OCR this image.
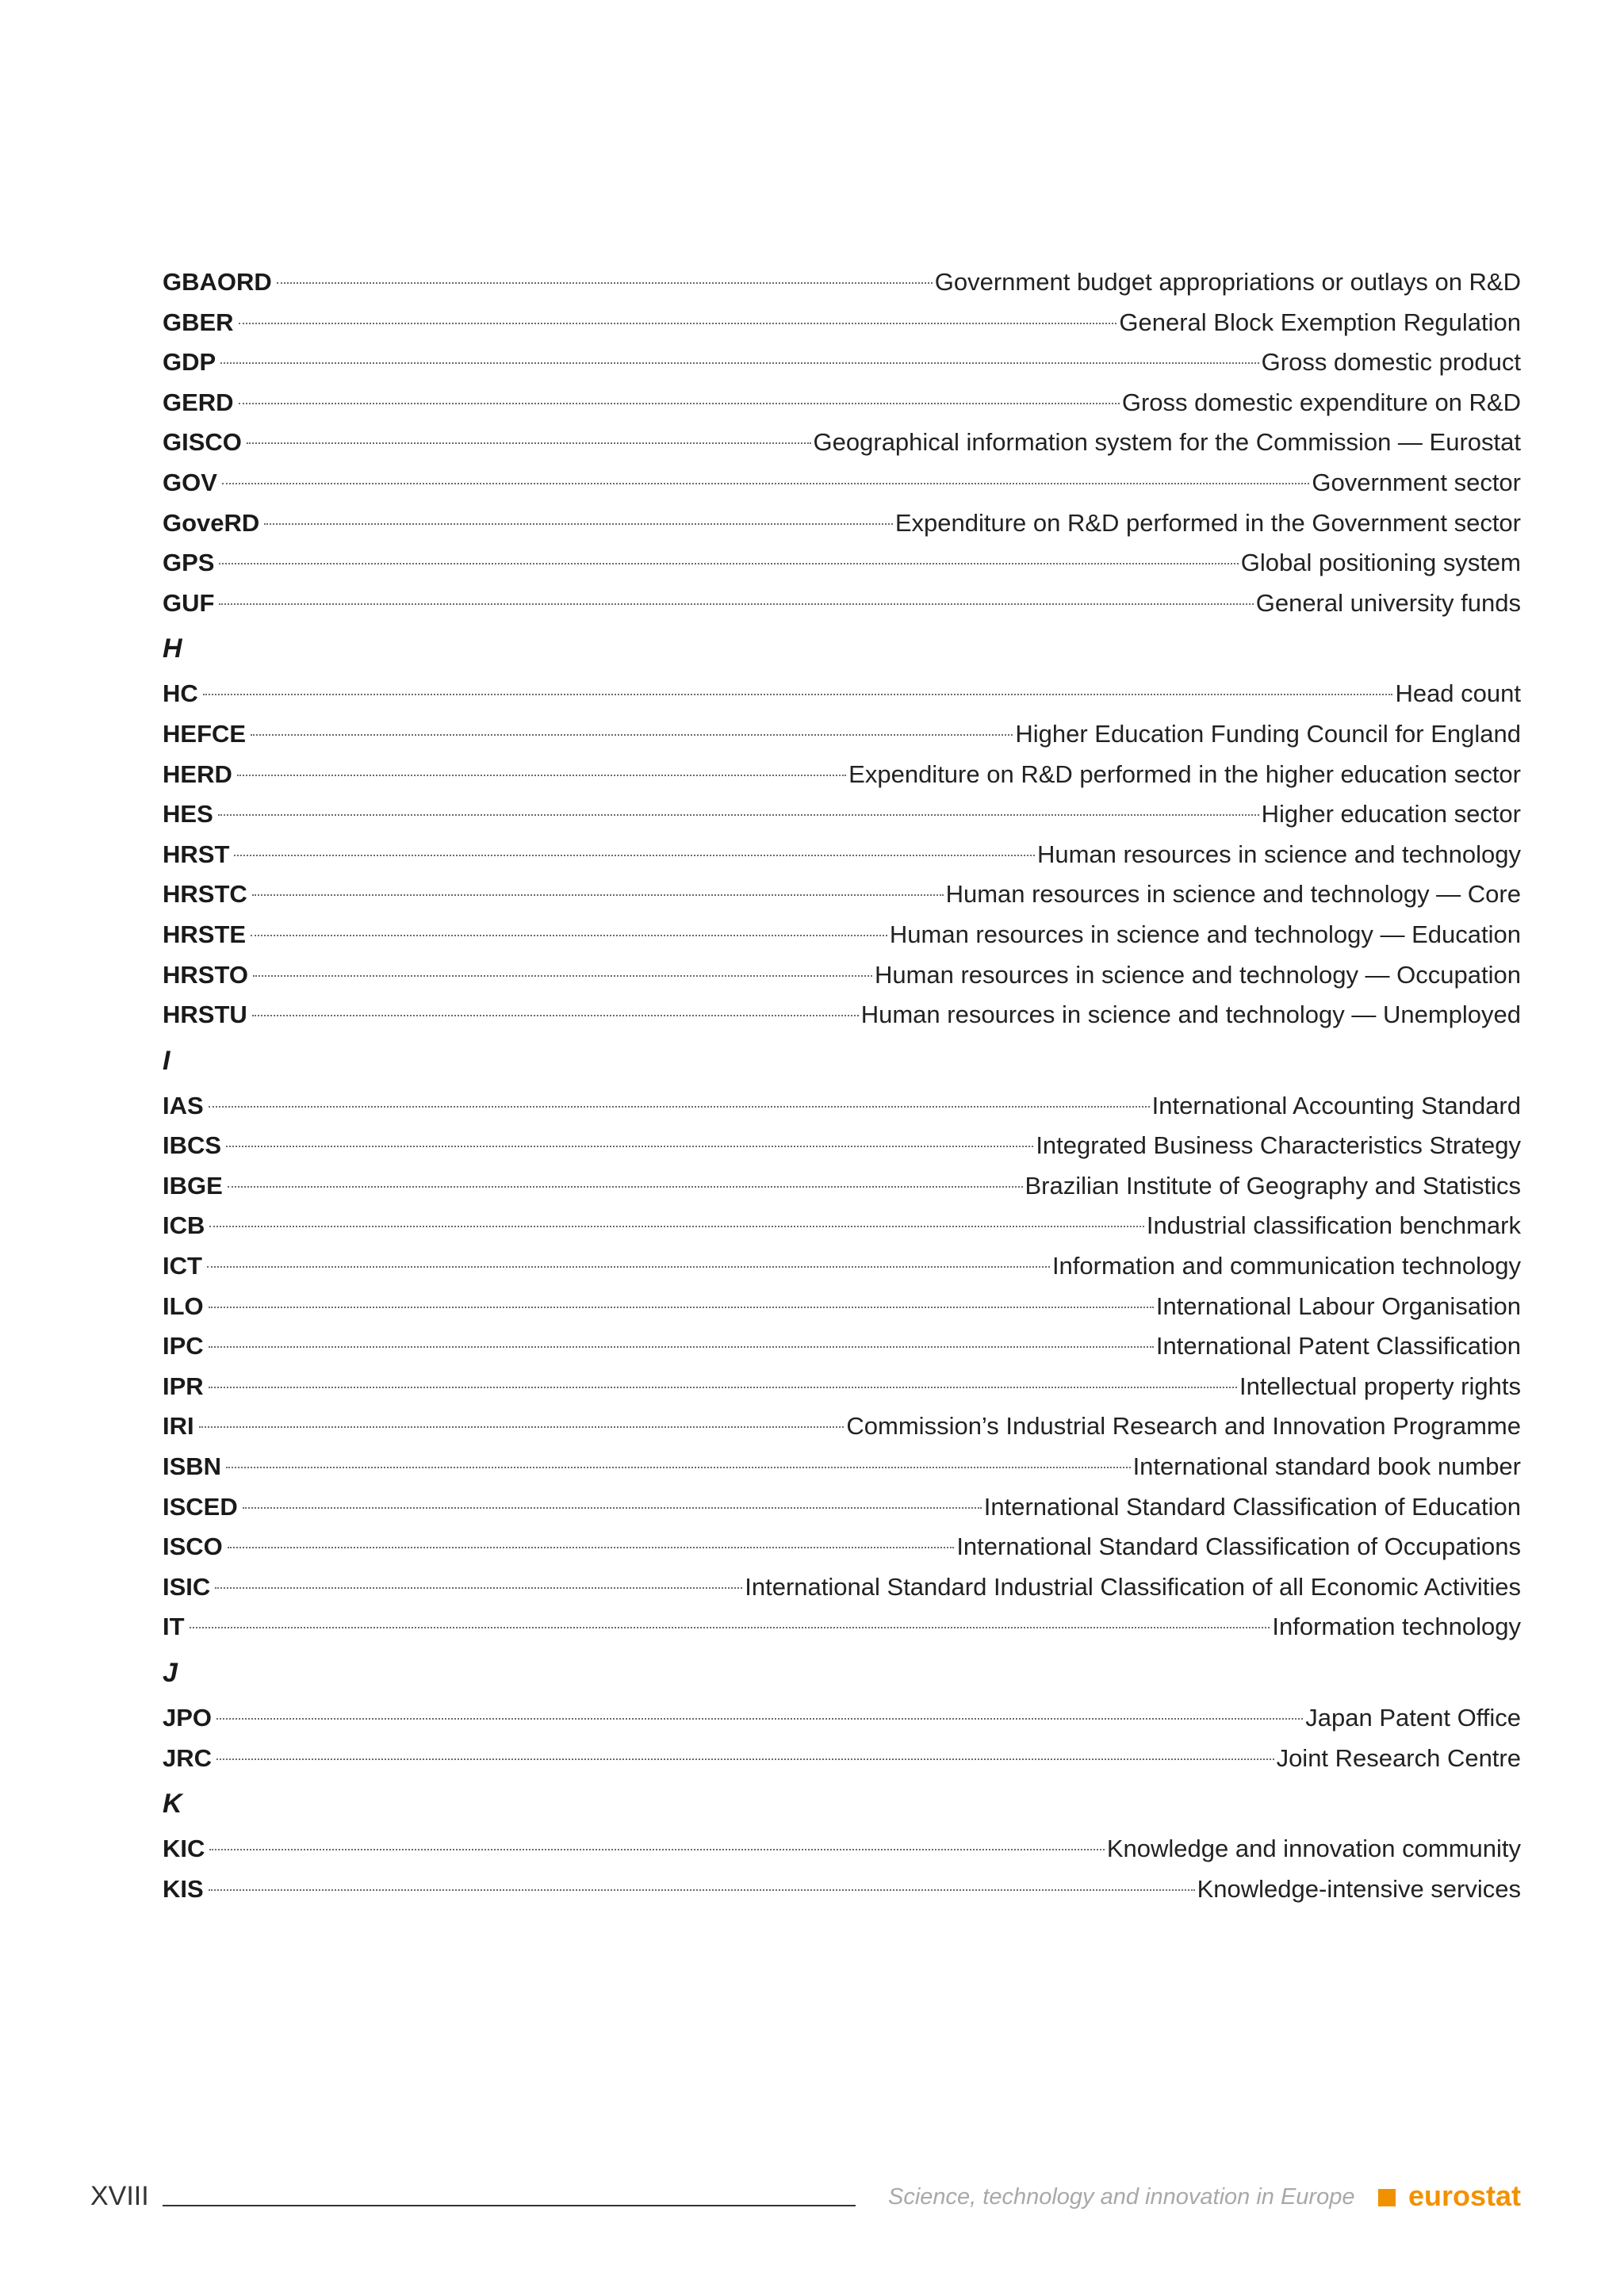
GBAORD	Government budget appropriations or outlays on R&D
GBER	General Block Exemption Regulation
GDP	Gross domestic product
GERD	Gross domestic expenditure on R&D
GISCO	Geographical information system for the Commission — Eurostat
GOV	Government sector
GoveRD	Expenditure on R&D performed in the Government sector
GPS	Global positioning system
GUF	General university funds
H
HC	Head count
HEFCE	Higher Education Funding Council for England
HERD	Expenditure on R&D performed in the higher education sector
HES	Higher education sector
HRST	Human resources in science and technology
HRSTC	Human resources in science and technology — Core
HRSTE	Human resources in science and technology — Education
HRSTO	Human resources in science and technology — Occupation
HRSTU	Human resources in science and technology — Unemployed
I
IAS	International Accounting Standard
IBCS	Integrated Business Characteristics Strategy
IBGE	Brazilian Institute of Geography and Statistics
ICB	Industrial classification benchmark
ICT	Information and communication technology
ILO	International Labour Organisation
IPC	International Patent Classification
IPR	Intellectual property rights
IRI	Commission’s Industrial Research and Innovation Programme
ISBN	International standard book number
ISCED	International Standard Classification of Education
ISCO	International Standard Classification of Occupations
ISIC	International Standard Industrial Classification of all Economic Activities
IT	Information technology
J
JPO	Japan Patent Office
JRC	Joint Research Centre
K
KIC	Knowledge and innovation community
KIS	Knowledge-intensive services
XVIII	Science, technology and innovation in Europe eurostat
